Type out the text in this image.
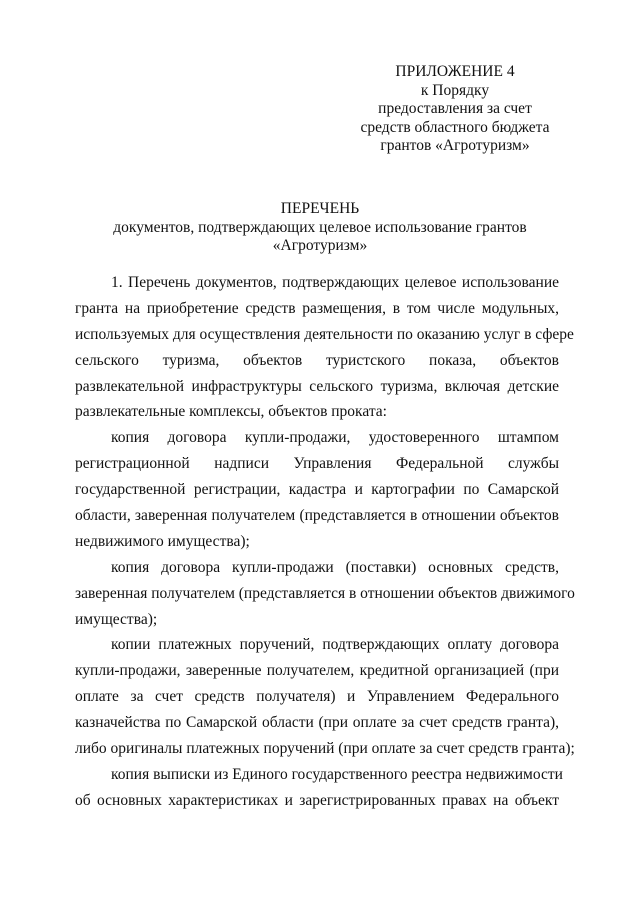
ПРИЛОЖЕНИЕ 4
к Порядку
предоставления за счет
средств областного бюджета
грантов «Агротуризм»
ПЕРЕЧЕНЬ
документов, подтверждающих целевое использование грантов
«Агротуризм»
1. Перечень документов, подтверждающих целевое использование
гранта на приобретение средств размещения, в том числе модульных,
используемых для осуществления деятельности по оказанию услуг в сфере
сельского туризма, объектов туристского показа, объектов
развлекательной инфраструктуры сельского туризма, включая детские
развлекательные комплексы, объектов проката:
копия договора купли-продажи, удостоверенного штампом
регистрационной надписи Управления Федеральной службы
государственной регистрации, кадастра и картографии по Самарской
области, заверенная получателем (представляется в отношении объектов
недвижимого имущества);
копия договора купли-продажи (поставки) основных средств,
заверенная получателем (представляется в отношении объектов движимого
имущества);
копии платежных поручений, подтверждающих оплату договора
купли-продажи, заверенные получателем, кредитной организацией (при
оплате за счет средств получателя) и Управлением Федерального
казначейства по Самарской области (при оплате за счет средств гранта),
либо оригиналы платежных поручений (при оплате за счет средств гранта);
копия выписки из Единого государственного реестра недвижимости
об основных характеристиках и зарегистрированных правах на объект
